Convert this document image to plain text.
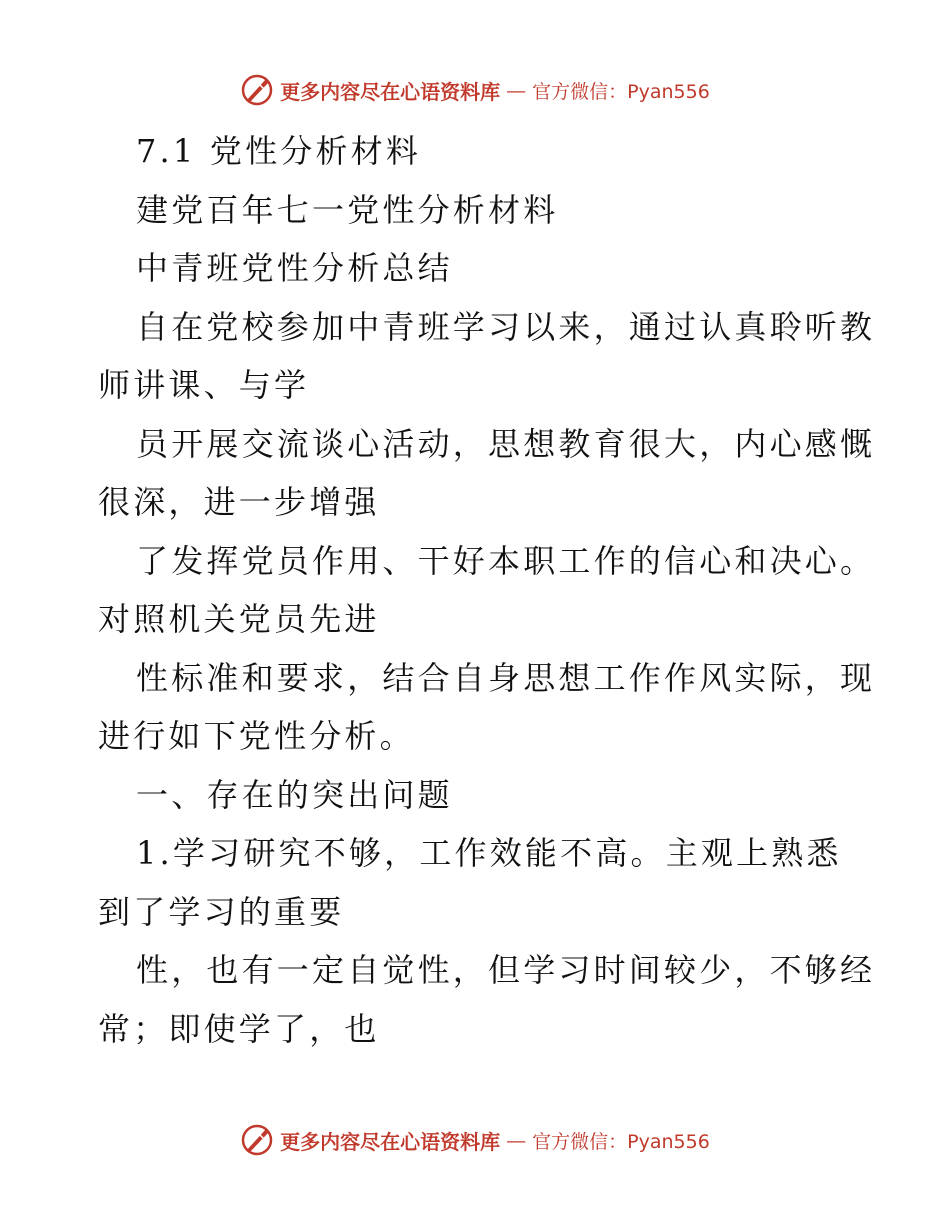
更多内容尽在心语资料库 — 官方微信：Pyan556
7.1 党性分析材料
建党百年七一党性分析材料
中青班党性分析总结
自在党校参加中青班学习以来，通过认真聆听教
师讲课、与学
员开展交流谈心活动，思想教育很大，内心感慨
很深，进一步增强
了发挥党员作用、干好本职工作的信心和决心。
对照机关党员先进
性标准和要求，结合自身思想工作作风实际，现
进行如下党性分析。
一、存在的突出问题
1.学习研究不够，工作效能不高。主观上熟悉
到了学习的重要
性，也有一定自觉性，但学习时间较少，不够经
常；即使学了，也
更多内容尽在心语资料库 — 官方微信：Pyan556
